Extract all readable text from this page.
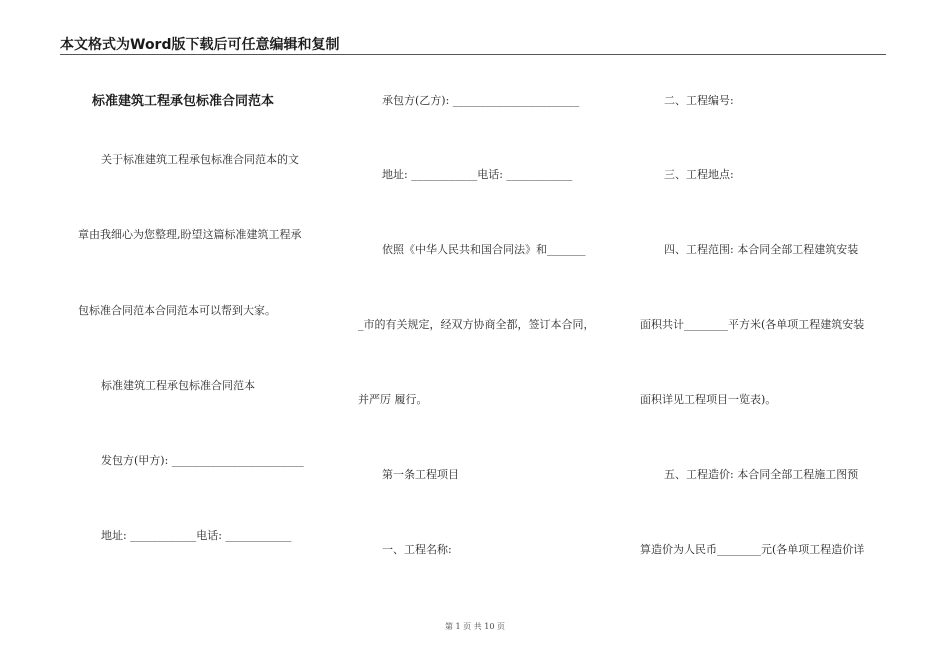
本文格式为Word版下载后可任意编辑和复制
标准建筑工程承包标准合同范本
关于标准建筑工程承包标准合同范本的文
章由我细心为您整理,盼望这篇标准建筑工程承
包标准合同范本合同范本可以帮到大家。
标准建筑工程承包标准合同范本
发包方(甲方): ________________________
地址: ____________电话: ____________
承包方(乙方): _______________________
地址: ____________电话: ____________
依照《中华人民共和国合同法》和_______
_市的有关规定，经双方协商全都，签订本合同，
并严厉 履行。
第一条工程项目
一、工程名称:
二、工程编号:
三、工程地点:
四、工程范围: 本合同全部工程建筑安装
面积共计________平方米(各单项工程建筑安装
面积详见工程项目一览表)。
五、工程造价: 本合同全部工程施工图预
算造价为人民币________元(各单项工程造价详
第 1 页 共 10 页
